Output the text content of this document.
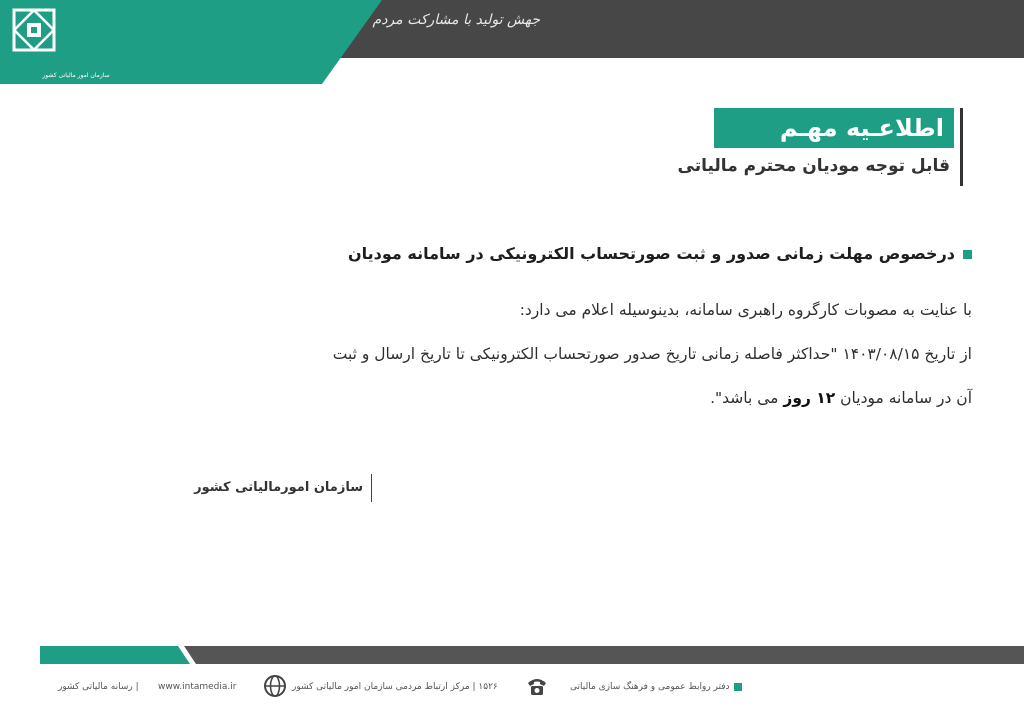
سازمان امور مالیاتی کشور
جهش تولید با مشارکت مردم
اطلاعـیه مهـم
قابل توجه مودیان محترم مالیاتی
درخصوص مهلت زمانی صدور و ثبت صورتحساب الکترونیکی در سامانه مودیان

با عنایت به مصوبات کارگروه راهبری سامانه، بدینوسیله اعلام می دارد:

از تاریخ ۱۴۰۳/۰۸/۱۵ "حداکثر فاصله زمانی تاریخ صدور صورتحساب الکترونیکی تا تاریخ ارسال و ثبت

آن در سامانه مودیان ۱۲ روز می باشد".

سازمان امورمالیاتی کشور
دفتر روابط عمومی و فرهنگ سازی مالیاتی
۱۵۲۶ | مرکز ارتباط مردمی سازمان امور مالیاتی کشور
www.intamedia.ir
| رسانه مالیاتی کشور
